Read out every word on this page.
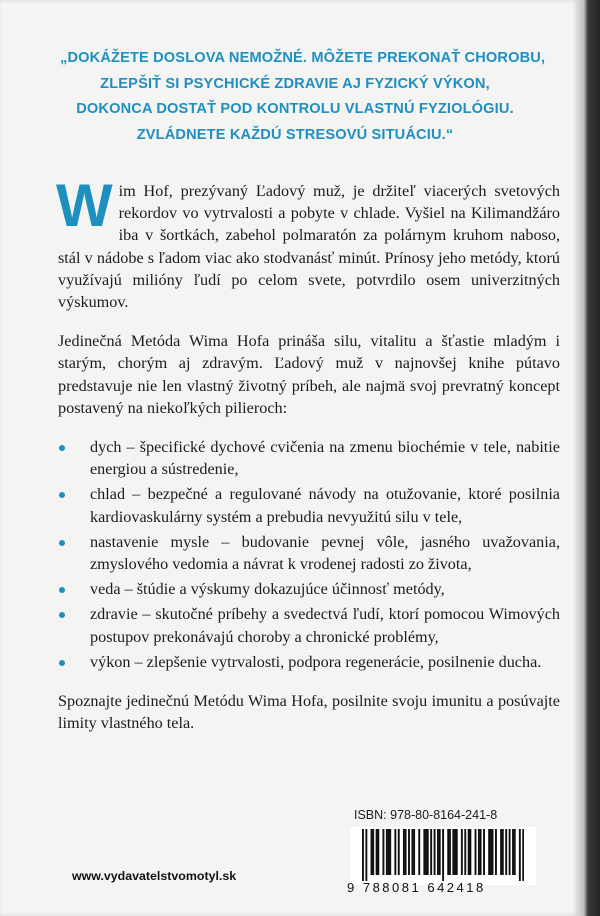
„DOKÁŽETE DOSLOVA NEMOŽNÉ. MÔŽETE PREKONAŤ CHOROBU,
ZLEPŠIŤ SI PSYCHICKÉ ZDRAVIE AJ FYZICKÝ VÝKON,
DOKONCA DOSTAŤ POD KONTROLU VLASTNÚ FYZIOLÓGIU.
ZVLÁDNETE KAŽDÚ STRESOVÚ SITUÁCIU.“

Wim Hof, prezývaný Ľadový muž, je držiteľ viacerých svetových rekordov vo vytrvalosti a pobyte v chlade. Vyšiel na Kilimandžáro iba v šortkách, zabehol polmaratón za polárnym kruhom naboso, stál v nádobe s ľadom viac ako stodvanásť minút. Prínosy jeho metódy, ktorú využívajú milióny ľudí po celom svete, potvrdilo osem univerzitných výskumov.

Jedinečná Metóda Wima Hofa prináša silu, vitalitu a šťastie mladým i starým, chorým aj zdravým. Ľadový muž v najnovšej knihe pútavo predstavuje nie len vlastný životný príbeh, ale najmä svoj prevratný koncept postavený na niekoľkých pilieroch:

dych – špecifické dychové cvičenia na zmenu biochémie v tele, nabitie energiou a sústredenie,
chlad – bezpečné a regulované návody na otužovanie, ktoré posilnia kardiovaskulárny systém a prebudia nevyužitú silu v tele,
nastavenie mysle – budovanie pevnej vôle, jasného uvažovania, zmyslového vedomia a návrat k vrodenej radosti zo života,
veda – štúdie a výskumy dokazujúce účinnosť metódy,
zdravie – skutočné príbehy a svedectvá ľudí, ktorí pomocou Wimových postupov prekonávajú choroby a chronické problémy,
výkon – zlepšenie vytrvalosti, podpora regenerácie, posilnenie ducha.

Spoznajte jedinečnú Metódu Wima Hofa, posilnite svoju imunitu a posúvajte limity vlastného tela.

ISBN: 978-80-8164-241-8
9 788081 642418
www.vydavatelstvomotyl.sk
